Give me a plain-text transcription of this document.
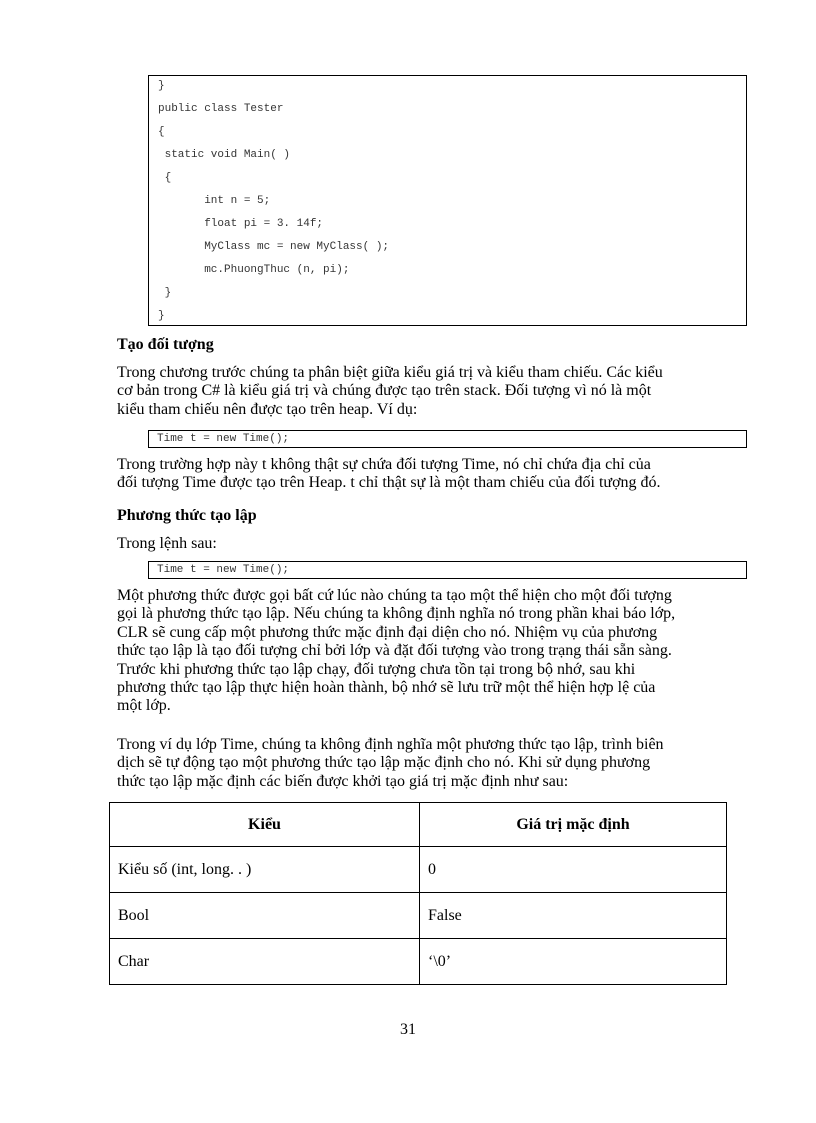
}
public class Tester
{
static void Main( )
{
int n = 5;
float pi = 3. 14f;
MyClass mc = new MyClass( );
mc.PhuongThuc (n, pi);
}
}
Tạo đối tượng
Trong chương trước chúng ta phân biệt giữa kiểu giá trị và kiểu tham chiếu. Các kiểu
cơ bản trong C# là kiểu giá trị và chúng được tạo trên stack. Đối tượng vì nó là một
kiểu tham chiếu nên được tạo trên heap. Ví dụ:
Time t = new Time();
Trong trường hợp này t không thật sự chứa đối tượng Time, nó chỉ chứa địa chỉ của
đối tượng Time được tạo trên Heap. t chỉ thật sự là một tham chiếu của đối tượng đó.
Phương thức tạo lập
Trong lệnh sau:
Time t = new Time();
Một phương thức được gọi bất cứ lúc nào chúng ta tạo một thể hiện cho một đối tượng
gọi là phương thức tạo lập. Nếu chúng ta không định nghĩa nó trong phần khai báo lớp,
CLR sẽ cung cấp một phương thức mặc định đại diện cho nó. Nhiệm vụ của phương
thức tạo lập là tạo đối tượng chỉ bởi lớp và đặt đối tượng vào trong trạng thái sẵn sàng.
Trước khi phương thức tạo lập chạy, đối tượng chưa tồn tại trong bộ nhớ, sau khi
phương thức tạo lập thực hiện hoàn thành, bộ nhớ sẽ lưu trữ một thể hiện hợp lệ của
một lớp.
Trong ví dụ lớp Time, chúng ta không định nghĩa một phương thức tạo lập, trình biên
dịch sẽ tự động tạo một phương thức tạo lập mặc định cho nó. Khi sử dụng phương
thức tạo lập mặc định các biến được khởi tạo giá trị mặc định như sau:
Kiểu	Giá trị mặc định
Kiểu số (int, long. . )	0
Bool	False
Char	‘\0’
31
